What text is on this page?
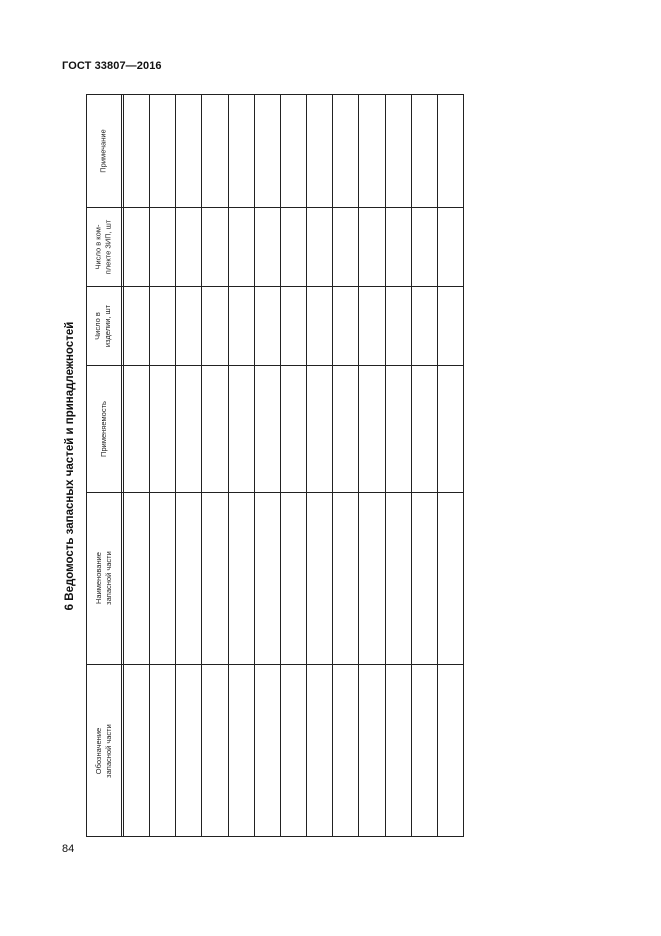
ГОСТ 33807—2016
6 Ведомость запасных частей и принадлежностей
Обозначение
запасной части
Наименование
запасной части
Применяемость
Число в
изделии, шт
Число в ком-
плекте ЗИП, шт
Примечание
84
